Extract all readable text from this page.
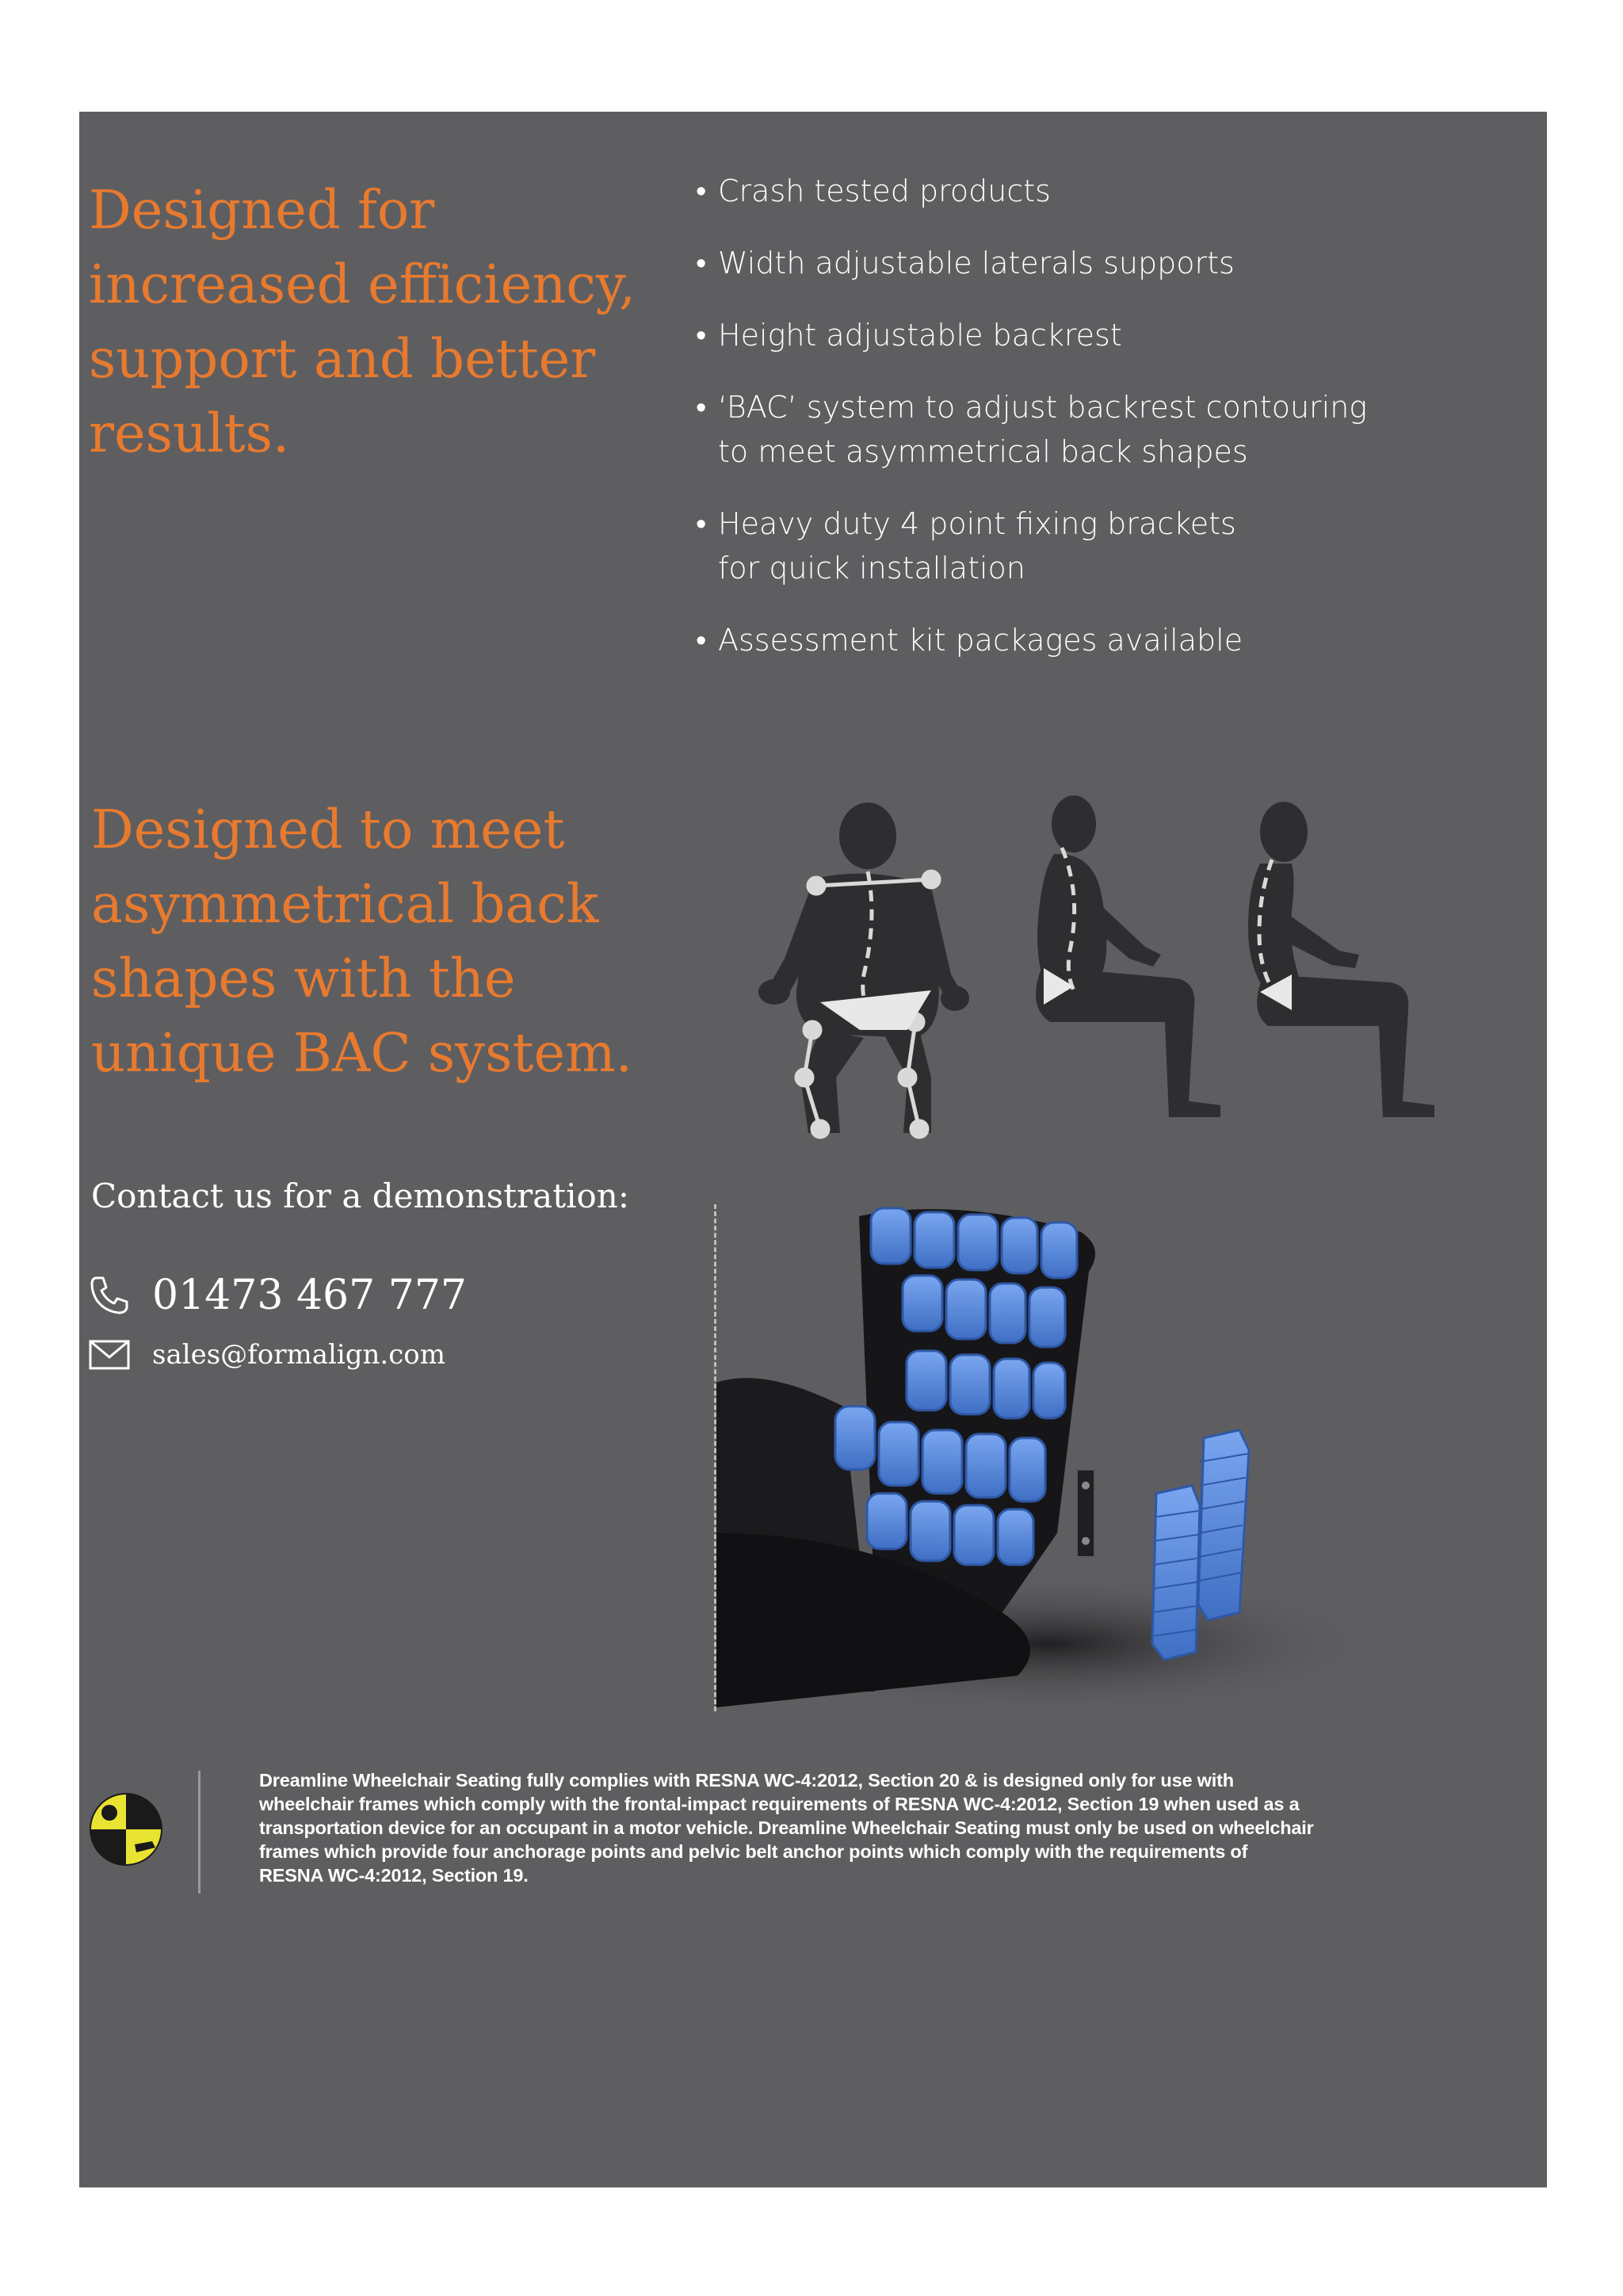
Designed for increased efficiency, support and better results.
• Crash tested products
• Width adjustable laterals supports
• Height adjustable backrest
• ‘BAC’ system to adjust backrest contouring
to meet asymmetrical back shapes
• Heavy duty 4 point fixing brackets
for quick installation
• Assessment kit packages available
Designed to meet asymmetrical back shapes with the unique BAC system.

Contact us for a demonstration:

01473 467 777
sales@formalign.com

Dreamline Wheelchair Seating fully complies with RESNA WC-4:2012, Section 20 & is designed only for use with
wheelchair frames which comply with the frontal-impact requirements of RESNA WC-4:2012, Section 19 when used as a
transportation device for an occupant in a motor vehicle. Dreamline Wheelchair Seating must only be used on wheelchair
frames which provide four anchorage points and pelvic belt anchor points which comply with the requirements of
RESNA WC-4:2012, Section 19.
